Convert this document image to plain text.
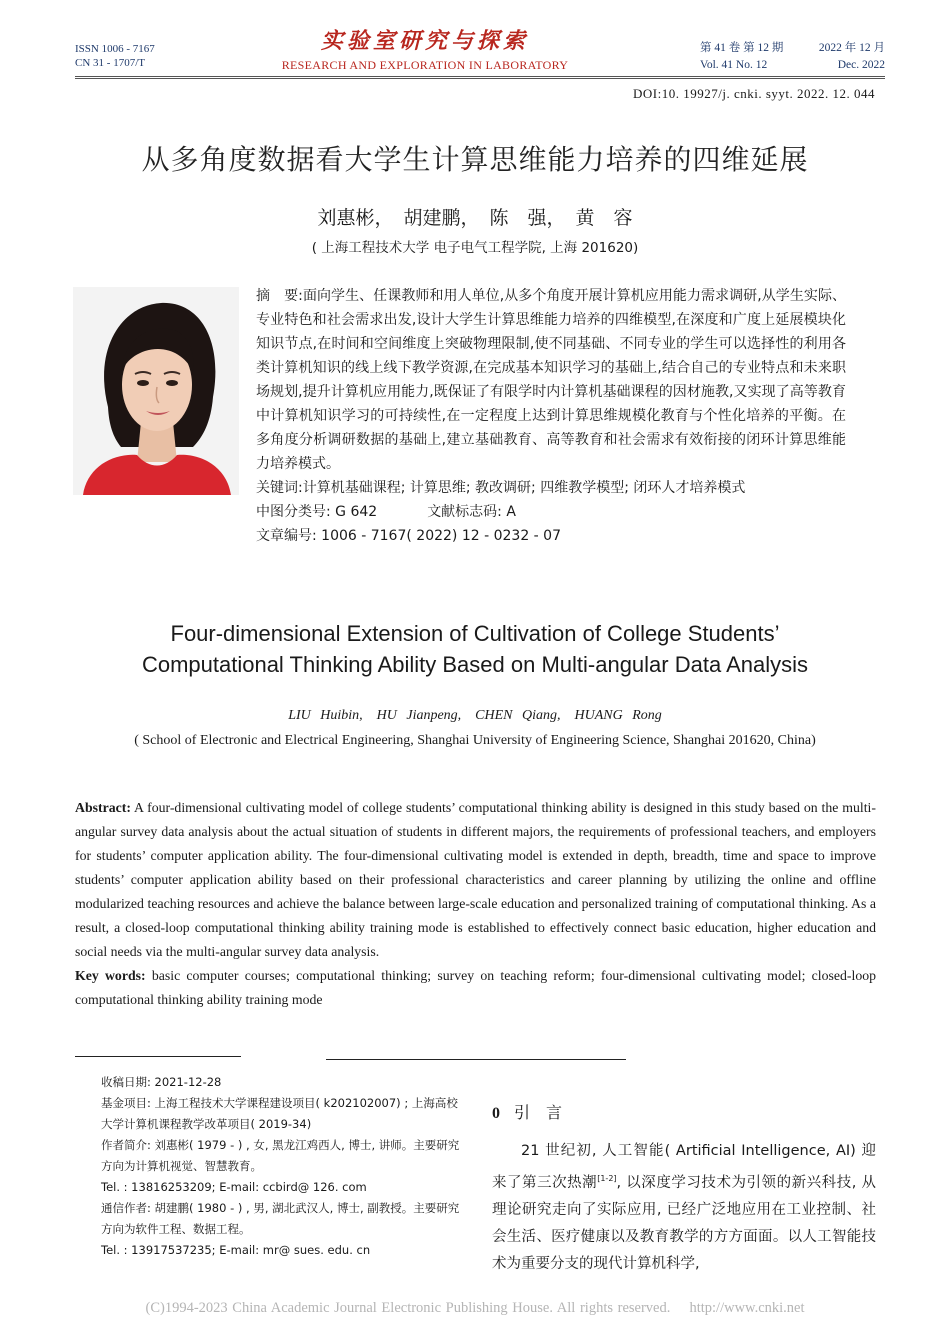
ISSN 1006 - 7167
CN 31 - 1707/T
实验室研究与探索
RESEARCH AND EXPLORATION IN LABORATORY
第 41 卷 第 12 期	2022 年 12 月
Vol. 41 No. 12	Dec. 2022
DOI:10. 19927/j. cnki. syyt. 2022. 12. 044
从多角度数据看大学生计算思维能力培养的四维延展
刘惠彬， 胡建鹏， 陈　强， 黄　容
( 上海工程技术大学 电子电气工程学院, 上海 201620)

摘　要:面向学生、任课教师和用人单位,从多个角度开展计算机应用能力需求调研,从学生实际、专业特色和社会需求出发,设计大学生计算思维能力培养的四维模型,在深度和广度上延展模块化知识节点,在时间和空间维度上突破物理限制,使不同基础、不同专业的学生可以选择性的利用各类计算机知识的线上线下教学资源,在完成基本知识学习的基础上,结合自己的专业特点和未来职场规划,提升计算机应用能力,既保证了有限学时内计算机基础课程的因材施教,又实现了高等教育中计算机知识学习的可持续性,在一定程度上达到计算思维规模化教育与个性化培养的平衡。在多角度分析调研数据的基础上,建立基础教育、高等教育和社会需求有效衔接的闭环计算思维能力培养模式。

关键词:计算机基础课程; 计算思维; 教改调研; 四维教学模型; 闭环人才培养模式

中图分类号: G 642	文献标志码: A

文章编号: 1006 - 7167( 2022) 12 - 0232 - 07

Four-dimensional Extension of Cultivation of College Students’
Computational Thinking Ability Based on Multi-angular Data Analysis
LIU Huibin,　HU Jianpeng,　CHEN Qiang,　HUANG Rong
( School of Electronic and Electrical Engineering, Shanghai University of Engineering Science, Shanghai 201620, China)

Abstract: A four-dimensional cultivating model of college students’ computational thinking ability is designed in this study based on the multi-angular survey data analysis about the actual situation of students in different majors, the requirements of professional teachers, and employers for students’ computer application ability. The four-dimensional cultivating model is extended in depth, breadth, time and space to improve students’ computer application ability based on their professional characteristics and career planning by utilizing the online and offline modularized teaching resources and achieve the balance between large-scale education and personalized training of computational thinking. As a result, a closed-loop computational thinking ability training mode is established to effectively connect basic education, higher education and social needs via the multi-angular survey data analysis.

Key words: basic computer courses; computational thinking; survey on teaching reform; four-dimensional cultivating model; closed-loop computational thinking ability training mode

收稿日期: 2021-12-28

基金项目: 上海工程技术大学课程建设项目( k202102007) ; 上海高校大学计算机课程教学改革项目( 2019-34)

作者简介: 刘惠彬( 1979 - ) , 女, 黑龙江鸡西人, 博士, 讲师。主要研究方向为计算机视觉、智慧教育。

Tel. : 13816253209; E-mail: ccbird@ 126. com

通信作者: 胡建鹏( 1980 - ) , 男, 湖北武汉人, 博士, 副教授。主要研究方向为软件工程、数据工程。

Tel. : 13917537235; E-mail: mr@ sues. edu. cn

0 引　言

21 世纪初, 人工智能( Artificial Intelligence, AI) 迎来了第三次热潮[1-2], 以深度学习技术为引领的新兴科技, 从理论研究走向了实际应用, 已经广泛地应用在工业控制、社会生活、医疗健康以及教育教学的方方面面。以人工智能技术为重要分支的现代计算机科学,

(C)1994-2023 China Academic Journal Electronic Publishing House. All rights reserved.　 http://www.cnki.net
